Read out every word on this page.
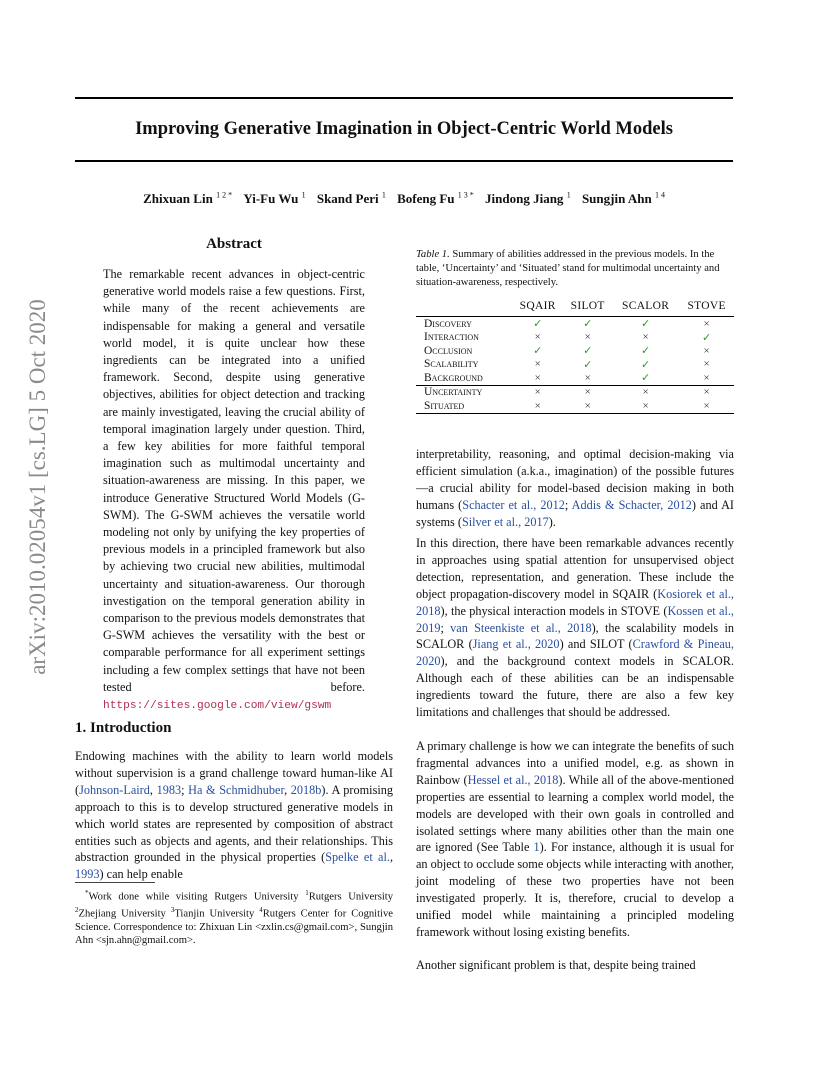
Improving Generative Imagination in Object-Centric World Models
Zhixuan Lin $^{1 2 *}$ Yi-Fu Wu $^1$ Skand Peri $^1$ Bofeng Fu $^{1 3 *}$ Jindong Jiang $^1$ Sungjin Ahn $^{1 4}$
arXiv:2010.02054v1 [cs.LG] 5 Oct 2020
Abstract
The remarkable recent advances in object-centric generative world models raise a few questions. First, while many of the recent achievements are indispensable for making a general and versatile world model, it is quite unclear how these ingredients can be integrated into a unified framework. Second, despite using generative objectives, abilities for object detection and tracking are mainly investigated, leaving the crucial ability of temporal imagination largely under question. Third, a few key abilities for more faithful temporal imagination such as multimodal uncertainty and situation-awareness are missing. In this paper, we introduce Generative Structured World Models (G-SWM). The G-SWM achieves the versatile world modeling not only by unifying the key properties of previous models in a principled framework but also by achieving two crucial new abilities, multimodal uncertainty and situation-awareness. Our thorough investigation on the temporal generation ability in comparison to the previous models demonstrates that G-SWM achieves the versatility with the best or comparable performance for all experiment settings including a few complex settings that have not been tested before. https://sites.google.com/view/gswm
1. Introduction

Endowing machines with the ability to learn world models without supervision is a grand challenge toward human-like AI (Johnson-Laird, 1983; Ha & Schmidhuber, 2018b). A promising approach to this is to develop structured generative models in which world states are represented by composition of abstract entities such as objects and agents, and their relationships. This abstraction grounded in the physical properties (Spelke et al., 1993) can help enable

*Work done while visiting Rutgers University $^1$Rutgers University $^2$Zhejiang University $^3$Tianjin University $^4$Rutgers Center for Cognitive Science. Correspondence to: Zhixuan Lin <zxlin.cs@gmail.com>, Sungjin Ahn <sjn.ahn@gmail.com>.

Table 1. Summary of abilities addressed in the previous models. In the table, ‘Uncertainty’ and ‘Situated’ stand for multimodal uncertainty and situation-awareness, respectively.
	SQAIR	SILOT	SCALOR	STOVE
Discovery	✓	✓	✓	×
Interaction	×	×	×	✓
Occlusion	✓	✓	✓	×
Scalability	×	✓	✓	×
Background	×	×	✓	×
Uncertainty	×	×	×	×
Situated	×	×	×	×

interpretability, reasoning, and optimal decision-making via efficient simulation (a.k.a., imagination) of the possible futures—a crucial ability for model-based decision making in both humans (Schacter et al., 2012; Addis & Schacter, 2012) and AI systems (Silver et al., 2017).

In this direction, there have been remarkable advances recently in approaches using spatial attention for unsupervised object detection, representation, and generation. These include the object propagation-discovery model in SQAIR (Kosiorek et al., 2018), the physical interaction models in STOVE (Kossen et al., 2019; van Steenkiste et al., 2018), the scalability models in SCALOR (Jiang et al., 2020) and SILOT (Crawford & Pineau, 2020), and the background context models in SCALOR. Although each of these abilities can be an indispensable ingredients toward the future, there are also a few key limitations and challenges that should be addressed.

A primary challenge is how we can integrate the benefits of such fragmental advances into a unified model, e.g. as shown in Rainbow (Hessel et al., 2018). While all of the above-mentioned properties are essential to learning a complex world model, the models are developed with their own goals in controlled and isolated settings where many abilities other than the main one are ignored (See Table 1). For instance, although it is usual for an object to occlude some objects while interacting with another, joint modeling of these two properties have not been investigated properly. It is, therefore, crucial to develop a unified model while maintaining a principled modeling framework without losing existing benefits.

Another significant problem is that, despite being trained
